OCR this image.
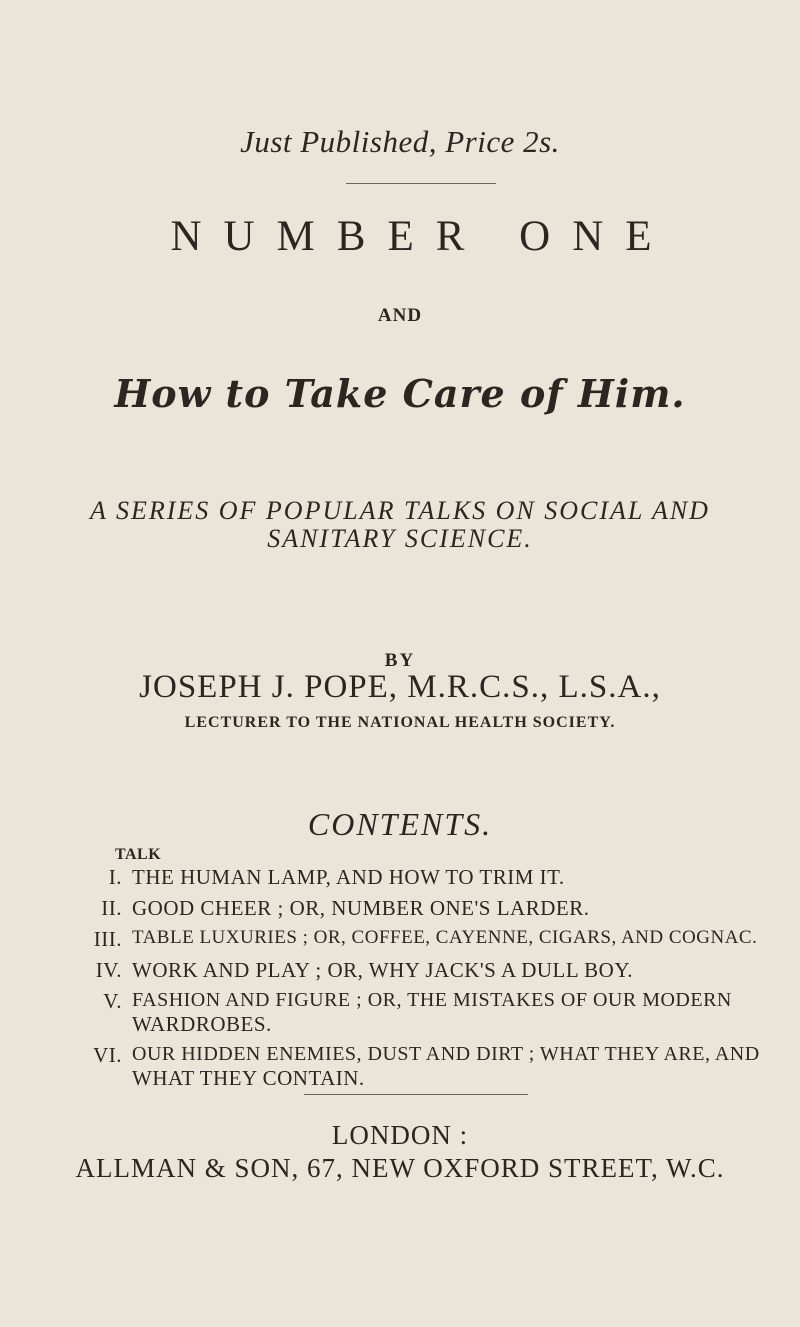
Just Published, Price 2s.
NUMBER ONE
AND
How to Take Care of Him.
A SERIES OF POPULAR TALKS ON SOCIAL AND
SANITARY SCIENCE.
BY
JOSEPH J. POPE, M.R.C.S., L.S.A.,
LECTURER TO THE NATIONAL HEALTH SOCIETY.
CONTENTS.
TALK
I. THE HUMAN LAMP, AND HOW TO TRIM IT.
II. GOOD CHEER ; OR, NUMBER ONE'S LARDER.
III. TABLE LUXURIES ; OR, COFFEE, CAYENNE, CIGARS, AND COGNAC.
IV. WORK AND PLAY ; OR, WHY JACK'S A DULL BOY.
V. FASHION AND FIGURE ; OR, THE MISTAKES OF OUR MODERN
WARDROBES.
VI. OUR HIDDEN ENEMIES, DUST AND DIRT ; WHAT THEY ARE, AND
WHAT THEY CONTAIN.
LONDON :
ALLMAN & SON, 67, NEW OXFORD STREET, W.C.
